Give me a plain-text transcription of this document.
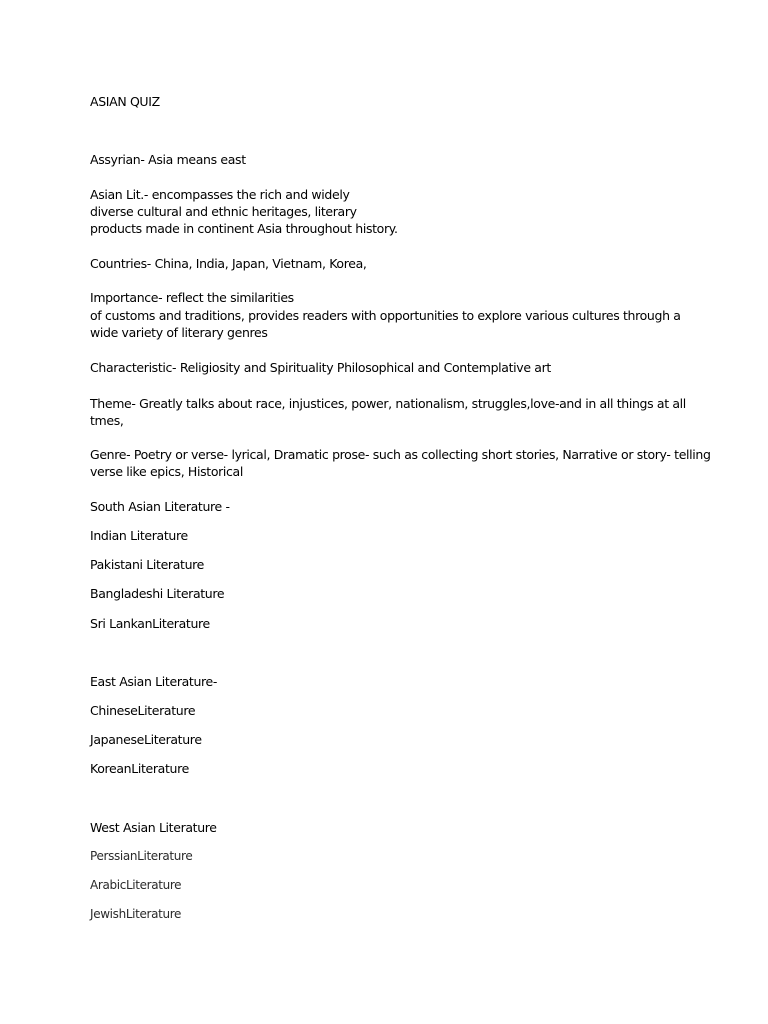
ASIAN QUIZ

Assyrian- Asia means east

Asian Lit.- encompasses the rich and widely

diverse cultural and ethnic heritages, literary

products made in continent Asia throughout history.

Countries- China, India, Japan, Vietnam, Korea,

Importance- reflect the similarities

of customs and traditions, provides readers with opportunities to explore various cultures through a

wide variety of literary genres

Characteristic- Religiosity and Spirituality Philosophical and Contemplative art

Theme- Greatly talks about race, injustices, power, nationalism, struggles,love-and in all things at all

tmes,

Genre- Poetry or verse- lyrical, Dramatic prose- such as collecting short stories, Narrative or story- telling

verse like epics, Historical

South Asian Literature -

Indian Literature

Pakistani Literature

Bangladeshi Literature

Sri LankanLiterature

East Asian Literature-

ChineseLiterature

JapaneseLiterature

KoreanLiterature

West Asian Literature

PerssianLiterature

ArabicLiterature

JewishLiterature
